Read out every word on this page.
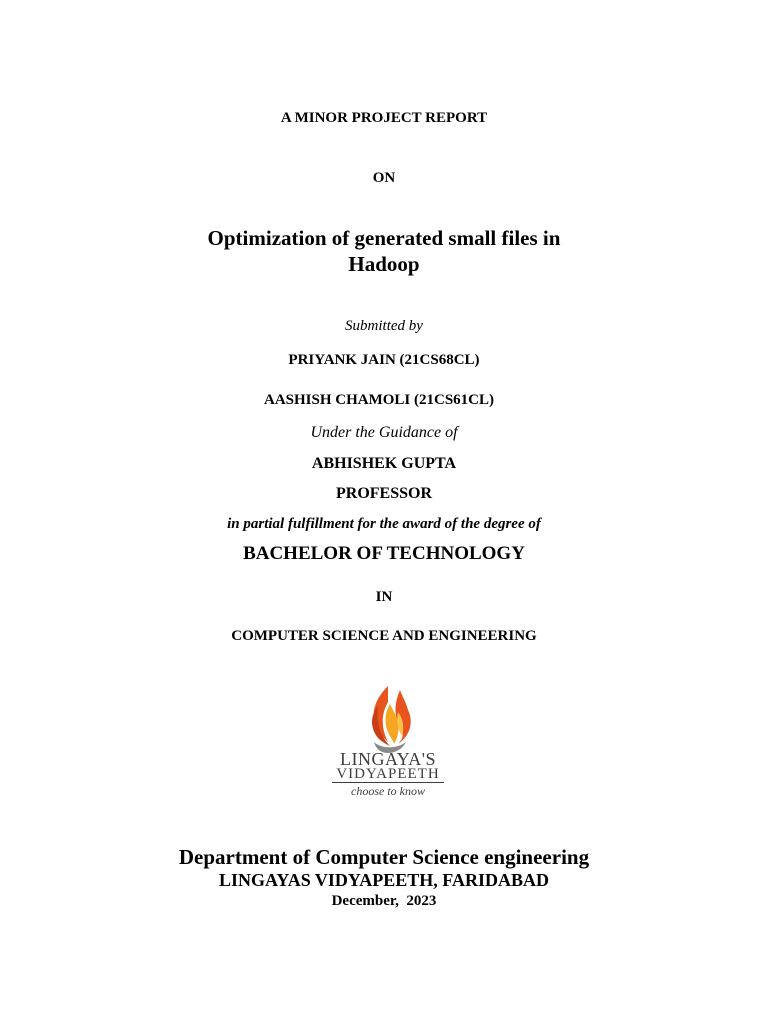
A MINOR PROJECT REPORT
ON
Optimization of generated small files in
Hadoop
Submitted by
PRIYANK JAIN (21CS68CL)
AASHISH CHAMOLI (21CS61CL)
Under the Guidance of
ABHISHEK GUPTA
PROFESSOR
in partial fulfillment for the award of the degree of
BACHELOR OF TECHNOLOGY
IN
COMPUTER SCIENCE AND ENGINEERING
LINGAYA'S
VIDYAPEETH
choose to know
Department of Computer Science engineering
LINGAYAS VIDYAPEETH, FARIDABAD
December,  2023
